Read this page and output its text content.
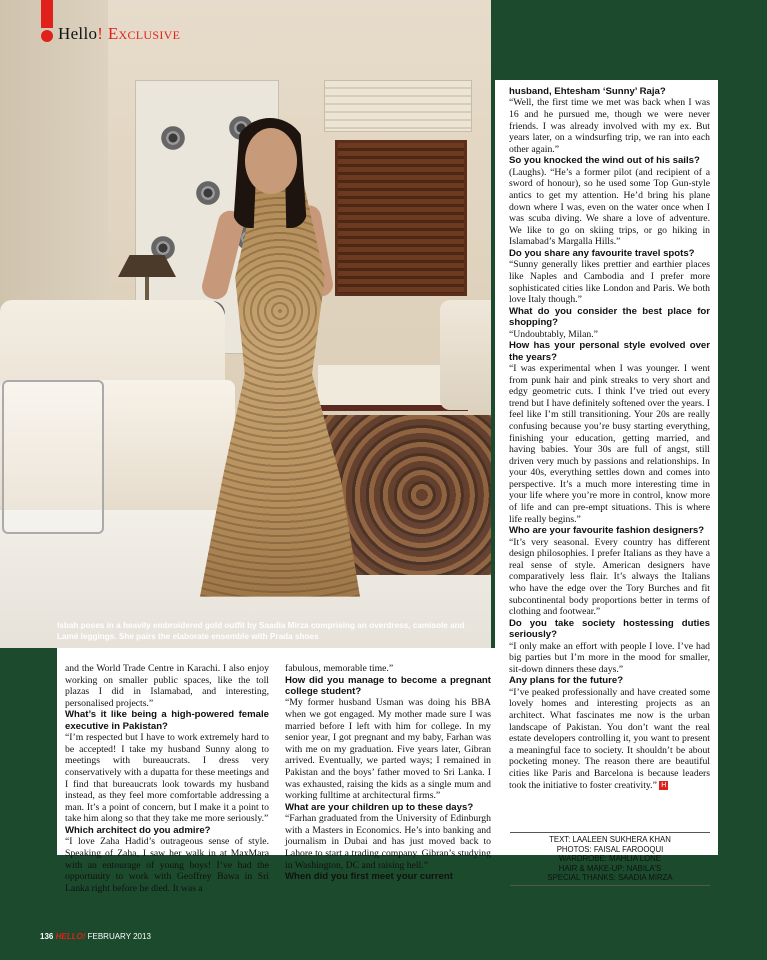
Isbah poses in a heavily embroidered gold outfit by Saadia Mirza comprising an overdress, camisole and Lamé leggings. She pairs the elaborate ensemble with Prada shoes
Hello! Exclusive

and the World Trade Centre in Karachi. I also enjoy working on smaller public spaces, like the toll plazas I did in Islamabad, and interesting, personalised projects.”

What’s it like being a high-powered female executive in Pakistan?

“I’m respected but I have to work extremely hard to be accepted! I take my husband Sunny along to meetings with bureaucrats. I dress very conservatively with a dupatta for these meetings and I find that bureaucrats look towards my husband instead, as they feel more comfortable addressing a man. It’s a point of concern, but I make it a point to take him along so that they take me more seriously.”

Which architect do you admire?

“I love Zaha Hadid’s outrageous sense of style. Speaking of Zaha, I saw her walk in at MaxMara with an entourage of young boys! I’ve had the opportunity to work with Geoffrey Bawa in Sri Lanka right before he died. It was a

fabulous, memorable time.”

How did you manage to become a pregnant college student?

“My former husband Usman was doing his BBA when we got engaged. My mother made sure I was married before I left with him for college. In my senior year, I got pregnant and my baby, Farhan was with me on my graduation. Five years later, Gibran arrived. Eventually, we parted ways; I remained in Pakistan and the boys’ father moved to Sri Lanka. I was exhausted, raising the kids as a single mum and working fulltime at architectural firms.”

What are your children up to these days?

“Farhan graduated from the University of Edinburgh with a Masters in Economics. He’s into banking and journalism in Dubai and has just moved back to Lahore to start a trading company. Gibran’s studying in Washington, DC and raising hell.”

When did you first meet your current

husband, Ehtesham ‘Sunny’ Raja?

“Well, the first time we met was back when I was 16 and he pursued me, though we were never friends. I was already involved with my ex. But years later, on a windsurfing trip, we ran into each other again.”

So you knocked the wind out of his sails?

(Laughs). “He’s a former pilot (and recipient of a sword of honour), so he used some Top Gun-style antics to get my attention. He’d bring his plane down where I was, even on the water once when I was scuba diving. We share a love of adventure. We like to go on skiing trips, or go hiking in Islamabad’s Margalla Hills.”

Do you share any favourite travel spots?

“Sunny generally likes prettier and earthier places like Naples and Cambodia and I prefer more sophisticated cities like London and Paris. We both love Italy though.”

What do you consider the best place for shopping?

“Undoubtably, Milan.”

How has your personal style evolved over the years?

“I was experimental when I was younger. I went from punk hair and pink streaks to very short and edgy geometric cuts. I think I’ve tried out every trend but I have definitely softened over the years. I feel like I’m still transitioning. Your 20s are really confusing because you’re busy starting everything, finishing your education, getting married, and having babies. Your 30s are full of angst, still driven very much by passions and relationships. In your 40s, everything settles down and comes into perspective. It’s a much more interesting time in your life where you’re more in control, know more of life and can pre-empt situations. This is where life really begins.”

Who are your favourite fashion designers?

“It’s very seasonal. Every country has different design philosophies. I prefer Italians as they have a real sense of style. American designers have comparatively less flair. It’s always the Italians who have the edge over the Tory Burches and fit subcontinental body proportions better in terms of clothing and footwear.”

Do you take society hostessing duties seriously?

“I only make an effort with people I love. I’ve had big parties but I’m more in the mood for smaller, sit-down dinners these days.”

Any plans for the future?

“I’ve peaked professionally and have created some lovely homes and interesting projects as an architect. What fascinates me now is the urban landscape of Pakistan. You don’t want the real estate developers controlling it, you want to present a meaningful face to society. It shouldn’t be about pocketing money. The reason there are beautiful cities like Paris and Barcelona is because leaders took the initiative to foster creativity.” H

TEXT: LAALEEN SUKHERA KHAN
PHOTOS: FAISAL FAROOQUI
WARDROBE: MAHLIA LONE
HAIR & MAKE-UP: NABILA'S
SPECIAL THANKS: SAADIA MIRZA
136 HELLO! FEBRUARY 2013
